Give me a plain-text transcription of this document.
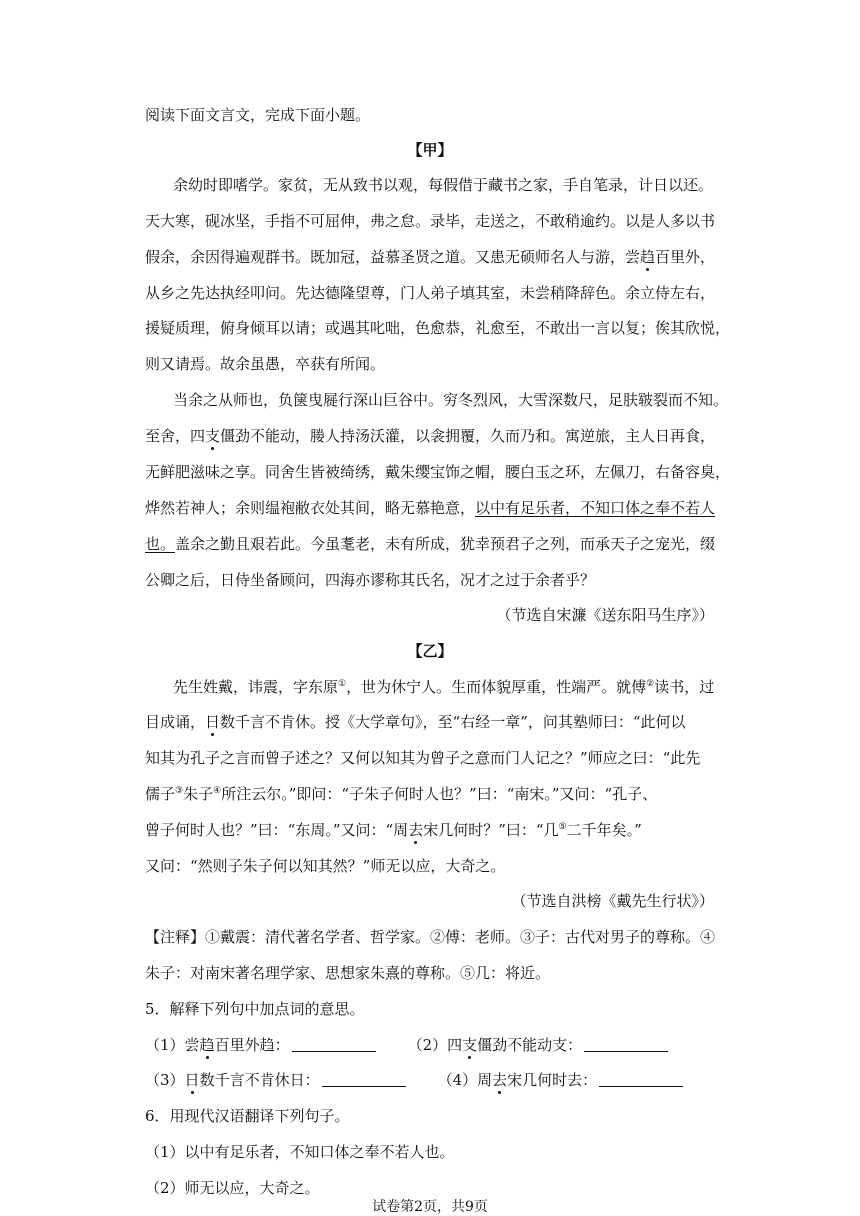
阅读下面文言文，完成下面小题。
【甲】
余幼时即嗜学。家贫，无从致书以观，每假借于藏书之家，手自笔录，计日以还。
天大寒，砚冰坚，手指不可屈伸，弗之怠。录毕，走送之，不敢稍逾约。以是人多以书
假余，余因得遍观群书。既加冠，益慕圣贤之道。又患无硕师名人与游，尝趋百里外，
从乡之先达执经叩问。先达德隆望尊，门人弟子填其室，未尝稍降辞色。余立侍左右，
援疑质理，俯身倾耳以请；或遇其叱咄，色愈恭，礼愈至，不敢出一言以复；俟其欣悦，
则又请焉。故余虽愚，卒获有所闻。
当余之从师也，负箧曳屣行深山巨谷中。穷冬烈风，大雪深数尺，足肤皲裂而不知。
至舍，四支僵劲不能动，媵人持汤沃灌，以衾拥覆，久而乃和。寓逆旅，主人日再食，
无鲜肥滋味之享。同舍生皆被绮绣，戴朱缨宝饰之帽，腰白玉之环，左佩刀，右备容臭，
烨然若神人；余则缊袍敝衣处其间，略无慕艳意，以中有足乐者，不知口体之奉不若人
也。盖余之勤且艰若此。今虽耄老，未有所成，犹幸预君子之列，而承天子之宠光，缀
公卿之后，日侍坐备顾问，四海亦谬称其氏名，况才之过于余者乎？
（节选自宋濂《送东阳马生序》）
【乙】
先生姓戴，讳震，字东原①，世为休宁人。生而体貌厚重，性端严。就傅②读书，过
目成诵，日数千言不肯休。授《大学章句》，至“右经一章”，问其塾师曰：“此何以
知其为孔子之言而曾子述之？又何以知其为曾子之意而门人记之？”师应之曰：“此先
儒子③朱子④所注云尔。”即问：“子朱子何时人也？”曰：“南宋。”又问：“孔子、
曾子何时人也？”曰：“东周。”又问：“周去宋几何时？”曰：“几⑤二千年矣。”
又问：“然则子朱子何以知其然？”师无以应，大奇之。
（节选自洪榜《戴先生行状》）
【注释】①戴震：清代著名学者、哲学家。②傅：老师。③子：古代对男子的尊称。④
朱子：对南宋著名理学家、思想家朱熹的尊称。⑤几：将近。
5．解释下列句中加点词的意思。
（1）尝趋百里外趋：	（2）四支僵劲不能动支：
（3）日数千言不肯休日：	（4）周去宋几何时去：
6．用现代汉语翻译下列句子。
（1）以中有足乐者，不知口体之奉不若人也。
（2）师无以应，大奇之。
试卷第2页，共9页
